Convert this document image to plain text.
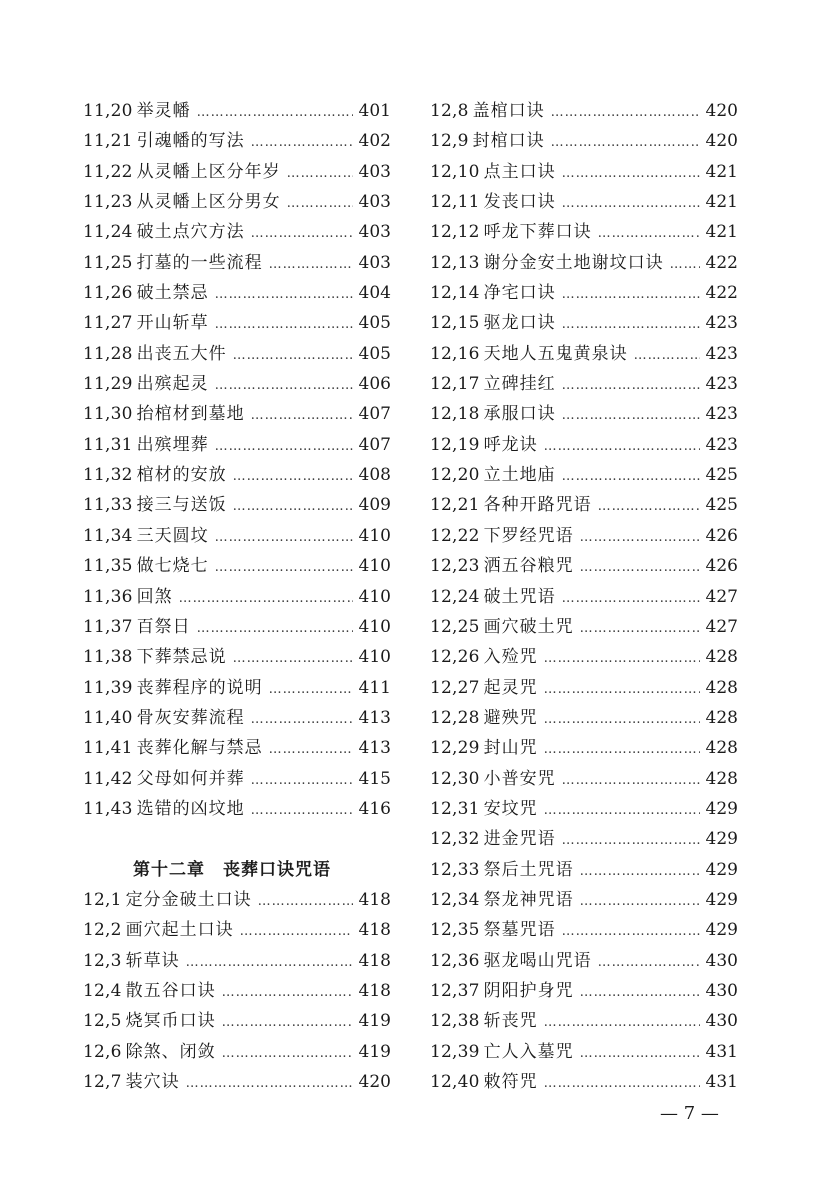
11,20 举灵幡 …………………………………………………………………………	401
11,21 引魂幡的写法 …………………………………………………………………………	402
11,22 从灵幡上区分年岁 …………………………………………………………………………	403
11,23 从灵幡上区分男女 …………………………………………………………………………	403
11,24 破土点穴方法 …………………………………………………………………………	403
11,25 打墓的一些流程 …………………………………………………………………………	403
11,26 破土禁忌 …………………………………………………………………………	404
11,27 开山斩草 …………………………………………………………………………	405
11,28 出丧五大件 …………………………………………………………………………	405
11,29 出殡起灵 …………………………………………………………………………	406
11,30 抬棺材到墓地 …………………………………………………………………………	407
11,31 出殡埋葬 …………………………………………………………………………	407
11,32 棺材的安放 …………………………………………………………………………	408
11,33 接三与送饭 …………………………………………………………………………	409
11,34 三天圆坟 …………………………………………………………………………	410
11,35 做七烧七 …………………………………………………………………………	410
11,36 回煞 …………………………………………………………………………	410
11,37 百祭日 …………………………………………………………………………	410
11,38 下葬禁忌说 …………………………………………………………………………	410
11,39 丧葬程序的说明 …………………………………………………………………………	411
11,40 骨灰安葬流程 …………………………………………………………………………	413
11,41 丧葬化解与禁忌 …………………………………………………………………………	413
11,42 父母如何并葬 …………………………………………………………………………	415
11,43 选错的凶坟地 …………………………………………………………………………	416
第十二章 丧葬口诀咒语
12,1 定分金破土口诀 …………………………………………………………………………	418
12,2 画穴起土口诀 …………………………………………………………………………	418
12,3 斩草诀 …………………………………………………………………………	418
12,4 散五谷口诀 …………………………………………………………………………	418
12,5 烧冥币口诀 …………………………………………………………………………	419
12,6 除煞、闭敛 …………………………………………………………………………	419
12,7 装穴诀 …………………………………………………………………………	420
12,8 盖棺口诀 …………………………………………………………………………	420
12,9 封棺口诀 …………………………………………………………………………	420
12,10 点主口诀 …………………………………………………………………………	421
12,11 发丧口诀 …………………………………………………………………………	421
12,12 呼龙下葬口诀 …………………………………………………………………………	421
12,13 谢分金安土地谢坟口诀 ………………………………………………………………………… 422
12,14 净宅口诀 …………………………………………………………………………	422
12,15 驱龙口诀 …………………………………………………………………………	423
12,16 天地人五鬼黄泉诀 …………………………………………………………………………	423
12,17 立碑挂红 …………………………………………………………………………	423
12,18 承服口诀 …………………………………………………………………………	423
12,19 呼龙诀 …………………………………………………………………………	423
12,20 立土地庙 …………………………………………………………………………	425
12,21 各种开路咒语 …………………………………………………………………………	425
12,22 下罗经咒语 …………………………………………………………………………	426
12,23 洒五谷粮咒 …………………………………………………………………………	426
12,24 破土咒语 …………………………………………………………………………	427
12,25 画穴破土咒 …………………………………………………………………………	427
12,26 入殓咒 …………………………………………………………………………	428
12,27 起灵咒 …………………………………………………………………………	428
12,28 避殃咒 …………………………………………………………………………	428
12,29 封山咒 …………………………………………………………………………	428
12,30 小普安咒 …………………………………………………………………………	428
12,31 安坟咒 …………………………………………………………………………	429
12,32 进金咒语 …………………………………………………………………………	429
12,33 祭后土咒语 …………………………………………………………………………	429
12,34 祭龙神咒语 …………………………………………………………………………	429
12,35 祭墓咒语 …………………………………………………………………………	429
12,36 驱龙喝山咒语 …………………………………………………………………………	430
12,37 阴阳护身咒 …………………………………………………………………………	430
12,38 斩丧咒 …………………………………………………………………………	430
12,39 亡人入墓咒 …………………………………………………………………………	431
12,40 敕符咒 …………………………………………………………………………	431
— 7 —
